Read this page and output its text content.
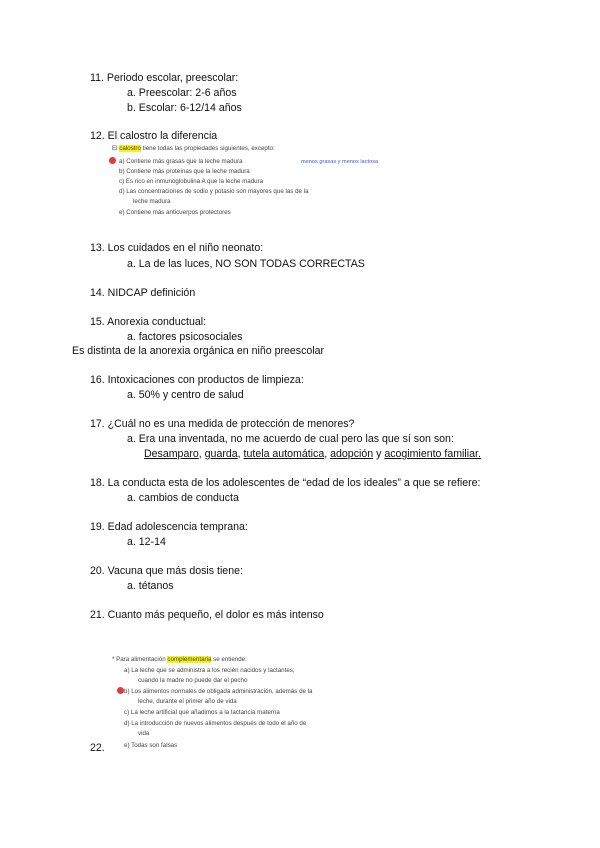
11. Periodo escolar, preescolar:
a. Preescolar: 2-6 años
b. Escolar: 6-12/14 años
12. El calostro la diferencia
El calostro tiene todas las propiedades siguientes, excepto:
a) Contiene más grasas que la leche madura	menos grasas y menos lactosa
b) Contiene más proteínas que la leche madura
c) Es rico en inmunoglobulina A que la leche madura
d) Las concentraciones de sodio y potasio son mayores que las de la
leche madura
e) Contiene más anticuerpos protectores
13. Los cuidados en el niño neonato:
a. La de las luces, NO SON TODAS CORRECTAS
14. NIDCAP definición
15. Anorexia conductual:
a. factores psicosociales
Es distinta de la anorexia orgánica en niño preescolar
16. Intoxicaciones con productos de limpieza:
a. 50% y centro de salud
17. ¿Cuál no es una medida de protección de menores?
a. Era una inventada, no me acuerdo de cual pero las que sí son son:
Desamparo, guarda, tutela automática, adopción y acogimiento familiar.
18. La conducta esta de los adolescentes de “edad de los ideales” a que se refiere:
a. cambios de conducta
19. Edad adolescencia temprana:
a. 12-14
20. Vacuna que más dosis tiene:
a. tétanos
21. Cuanto más pequeño, el dolor es más intenso
* Para alimentación complementaria se entiende:
a) La leche que se administra a los recién nacidos y lactantes,
cuando la madre no puede dar el pecho
b) Los alimentos normales de obligada administración, además de la
leche, durante el primer año de vida
c) La leche artificial que añadimos a la lactancia materna
d) La introducción de nuevos alimentos después de todo el año de
vida
e) Todas son falsas
22.
